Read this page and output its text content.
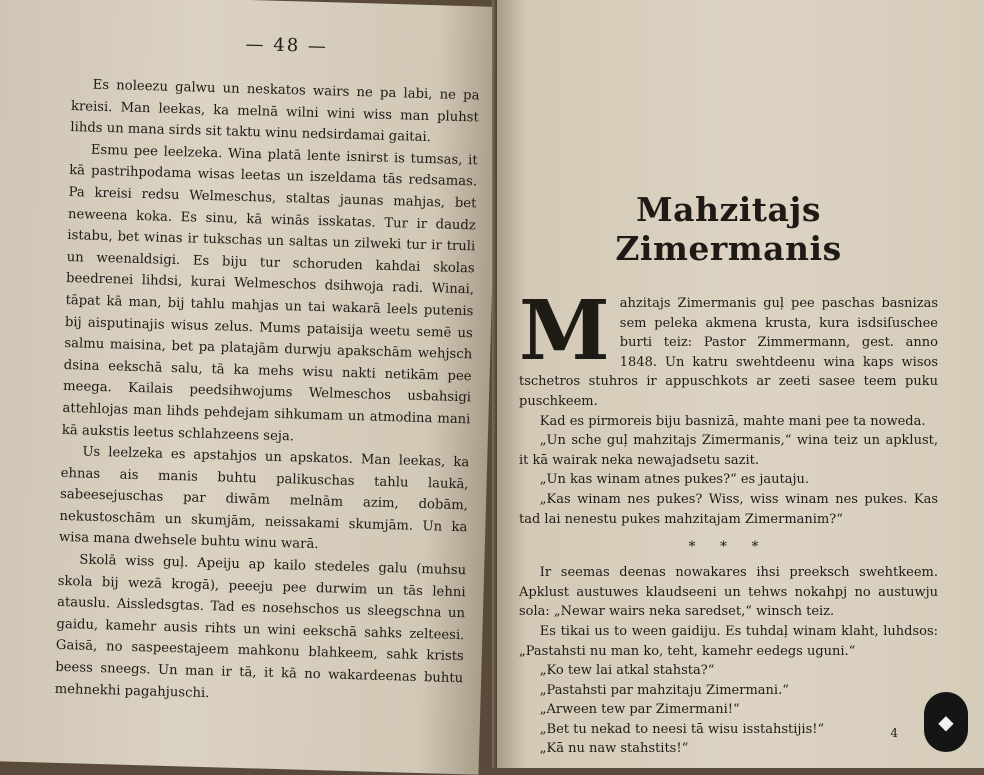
— 48 —

Es noleezu galwu un neskatos wairs ne pa labi, ne pa kreisi. Man leekas, ka melnā wilni wini wiss man pluhst lihds un mana sirds sit taktu winu nedsirdamai gaitai.

Esmu pee leelzeka. Wina platā lente isnirst is tumsas, it kā pastrihpodama wisas leetas un iszeldama tās redsamas. Pa kreisi redsu Welmeschus, staltas jaunas mahjas, bet neweena koka. Es sinu, kā winās isskatas. Tur ir daudz istabu, bet winas ir tukschas un saltas un zilweki tur ir truli un weenaldsigi. Es biju tur schoruden kahdai skolas beedrenei lihdsi, kurai Welmeschos dsihwoja radi. Winai, tāpat kā man, bij tahlu mahjas un tai wakarā leels putenis bij aisputinajis wisus zelus. Mums pataisija weetu semē us salmu maisina, bet pa platajām durwju apakschām wehjsch dsina eekschā salu, tā ka mehs wisu nakti netikām pee meega. Kailais peedsihwojums Welmeschos usbahsigi attehlojas man lihds pehdejam sihkumam un atmodina mani kā aukstis leetus schlahzeens seja.

Us leelzeka es apstahjos un apskatos. Man leekas, ka ehnas ais manis buhtu palikuschas tahlu laukā, sabeesejuschas par diwām melnām azim, dobām, nekustoschām un skumjām, neissakami skumjām. Un ka wisa mana dwehsele buhtu winu warā.

Skolā wiss guļ. Apeiju ap kailo stedeles galu (muhsu skola bij wezā krogā), peeeju pee durwim un tās lehni atauslu. Aissledsgtas. Tad es nosehschos us sleegschna un gaidu, kamehr ausis rihts un wini eekschā sahks zelteesi. Gaisā, no saspeestajeem mahkonu blahkeem, sahk krists beess sneegs. Un man ir tā, it kā no wakardeenas buhtu mehnekhi pagahjuschi.

Mahzitajs Zimermanis

Mahzitajs Zimermanis guļ pee paschas basnizas sem peleka akmena krusta, kura isdsiſuschee burti teiz: Pastor Zimmermann, gest. anno 1848. Un katru swehtdeenu wina kaps wisos tschetros stuhros ir appuschkots ar zeeti sasee teem puku puschkeem.

Kad es pirmoreis biju basnizā, mahte mani pee ta noweda.

„Un sche guļ mahzitajs Zimermanis,“ wina teiz un apklust, it kā wairak neka newajadsetu sazit.

„Un kas winam atnes pukes?“ es jautaju.

„Kas winam nes pukes? Wiss, wiss winam nes pukes. Kas tad lai nenestu pukes mahzitajam Zimermanim?“

* * *

Ir seemas deenas nowakares ihsi preeksch swehtkeem. Apklust austuwes klaudseeni un tehws nokahpj no austuwju sola: „Newar wairs neka saredset,“ winsch teiz.

Es tikai us to ween gaidiju. Es tuhdaļ winam klaht, luhdsos: „Pastahsti nu man ko, teht, kamehr eedegs uguni.“

„Ko tew lai atkal stahsta?“

„Pastahsti par mahzitaju Zimermani.“

„Arween tew par Zimermani!“

„Bet tu nekad to neesi tā wisu isstahstijis!“

„Kā nu naw stahstits!“

4 ◆
